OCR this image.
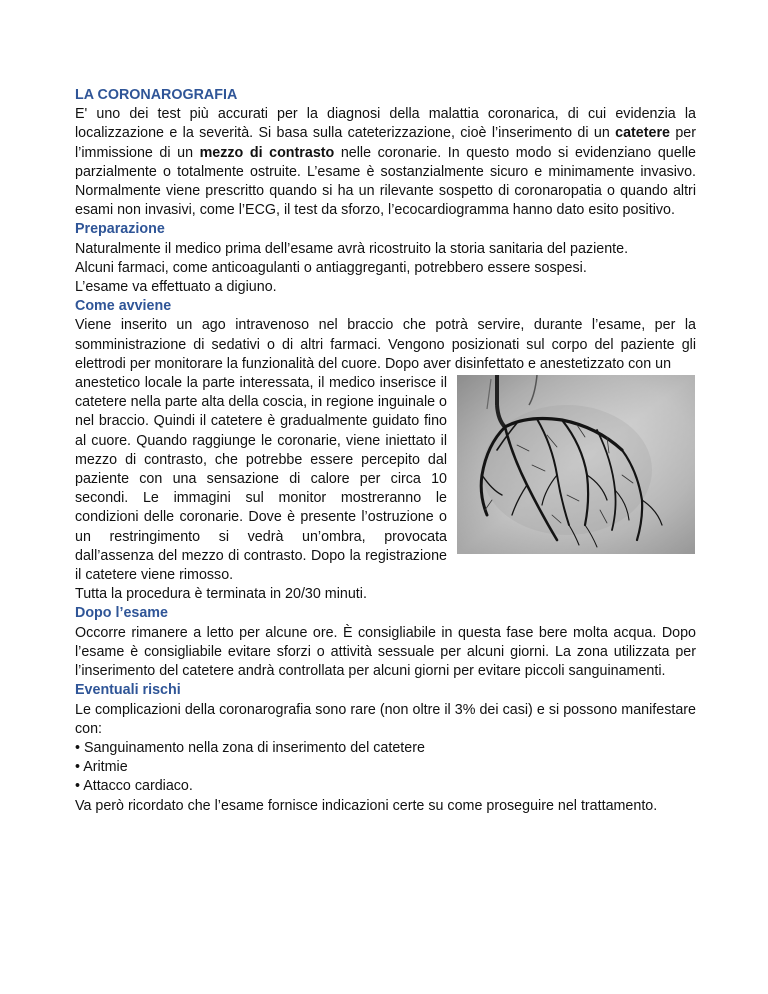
LA CORONAROGRAFIA

E' uno dei test più accurati per la diagnosi della malattia coronarica, di cui evidenzia la localizzazione e la severità. Si basa sulla cateterizzazione, cioè l’inserimento di un catetere per l’immissione di un mezzo di contrasto nelle coronarie. In questo modo si evidenziano quelle parzialmente o totalmente ostruite. L’esame è sostanzialmente sicuro e minimamente invasivo. Normalmente viene prescritto quando si ha un rilevante sospetto di coronaropatia o quando altri esami non invasivi, come l’ECG, il test da sforzo, l’ecocardiogramma hanno dato esito positivo.

Preparazione

Naturalmente il medico prima dell’esame avrà ricostruito la storia sanitaria del paziente.

Alcuni farmaci, come anticoagulanti o antiaggreganti, potrebbero essere sospesi.

L’esame va effettuato a digiuno.

Come avviene

Viene inserito un ago intravenoso nel braccio che potrà servire, durante l’esame, per la somministrazione di sedativi o di altri farmaci. Vengono posizionati sul corpo del paziente gli elettrodi per monitorare la funzionalità del cuore. Dopo aver disinfettato e anestetizzato con un

anestetico locale la parte interessata, il medico inserisce il catetere nella parte alta della coscia, in regione inguinale o nel braccio. Quindi il catetere è gradualmente guidato fino al cuore. Quando raggiunge le coronarie, viene iniettato il mezzo di contrasto, che potrebbe essere percepito dal paziente con una sensazione di calore per circa 10 secondi. Le immagini sul monitor mostreranno le condizioni delle coronarie. Dove è presente l’ostruzione o un restringimento si vedrà un’ombra, provocata dall’assenza del mezzo di contrasto. Dopo la registrazione il catetere viene rimosso.

Tutta la procedura è terminata in 20/30 minuti.

Dopo l’esame

Occorre rimanere a letto per alcune ore. È consigliabile in questa fase bere molta acqua. Dopo l’esame è consigliabile evitare sforzi o attività sessuale per alcuni giorni. La zona utilizzata per l’inserimento del catetere andrà controllata per alcuni giorni per evitare piccoli sanguinamenti.

Eventuali rischi

Le complicazioni della coronarografia sono rare (non oltre il 3% dei casi) e si possono manifestare con:

• Sanguinamento nella zona di inserimento del catetere

• Aritmie

• Attacco cardiaco.

Va però ricordato che l’esame fornisce indicazioni certe su come proseguire nel trattamento.
